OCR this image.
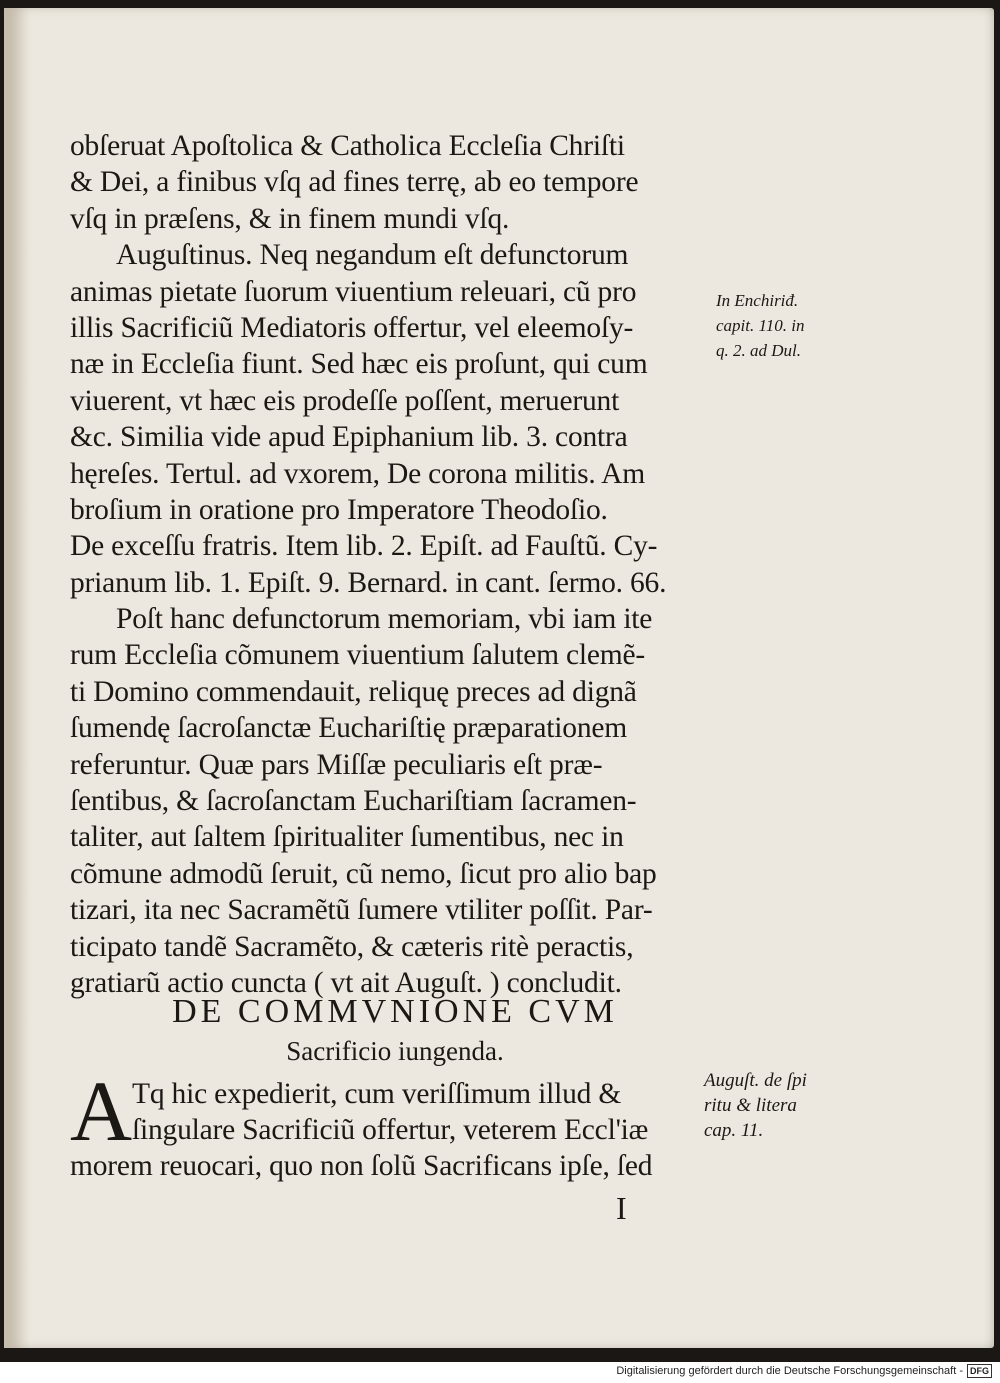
obſeruat Apoſtolica & Catholica Eccleſia Chriſti
& Dei, a finibus vſq ad fines terrę, ab eo tempore
vſq in præſens, & in finem mundi vſq.
Auguſtinus. Neq negandum eſt defunctorum
animas pietate ſuorum viuentium releuari, cũ pro
illis Sacrificiũ Mediatoris offertur, vel eleemoſy-
næ in Eccleſia fiunt. Sed hæc eis proſunt, qui cum
viuerent, vt hæc eis prodeſſe poſſent, meruerunt
&c. Similia vide apud Epiphanium lib. 3. contra
hęreſes. Tertul. ad vxorem, De corona militis. Am
broſium in oratione pro Imperatore Theodoſio.
De exceſſu fratris. Item lib. 2. Epiſt. ad Fauſtũ. Cy-
prianum lib. 1. Epiſt. 9. Bernard. in cant. ſermo. 66.
Poſt hanc defunctorum memoriam, vbi iam ite
rum Eccleſia cõmunem viuentium ſalutem clemẽ-
ti Domino commendauit, reliquę preces ad dignã
ſumendę ſacroſanctæ Euchariſtię præparationem
referuntur. Quæ pars Miſſæ peculiaris eſt præ-
ſentibus, & ſacroſanctam Euchariſtiam ſacramen-
taliter, aut ſaltem ſpiritualiter ſumentibus, nec in
cõmune admodũ ſeruit, cũ nemo, ſicut pro alio bap
tizari, ita nec Sacramẽtũ ſumere vtiliter poſſit. Par-
ticipato tandẽ Sacramẽto, & cæteris ritè peractis,
gratiarũ actio cuncta ( vt ait Auguſt. ) concludit.
DE COMMVNIONE CVM
Sacrificio iungenda.
A Tq hic expedierit, cum veriſſimum illud &
ſingulare Sacrificiũ offertur, veterem Eccl'iæ
morem reuocari, quo non ſolũ Sacrificans ipſe, ſed
In Enchiriđ.
capit. 110. in
q. 2. ad Dul.
Auguſt. de ſpi
ritu & litera
cap. 11.
I
Digitalisierung gefördert durch die Deutsche Forschungsgemeinschaft - DFG
